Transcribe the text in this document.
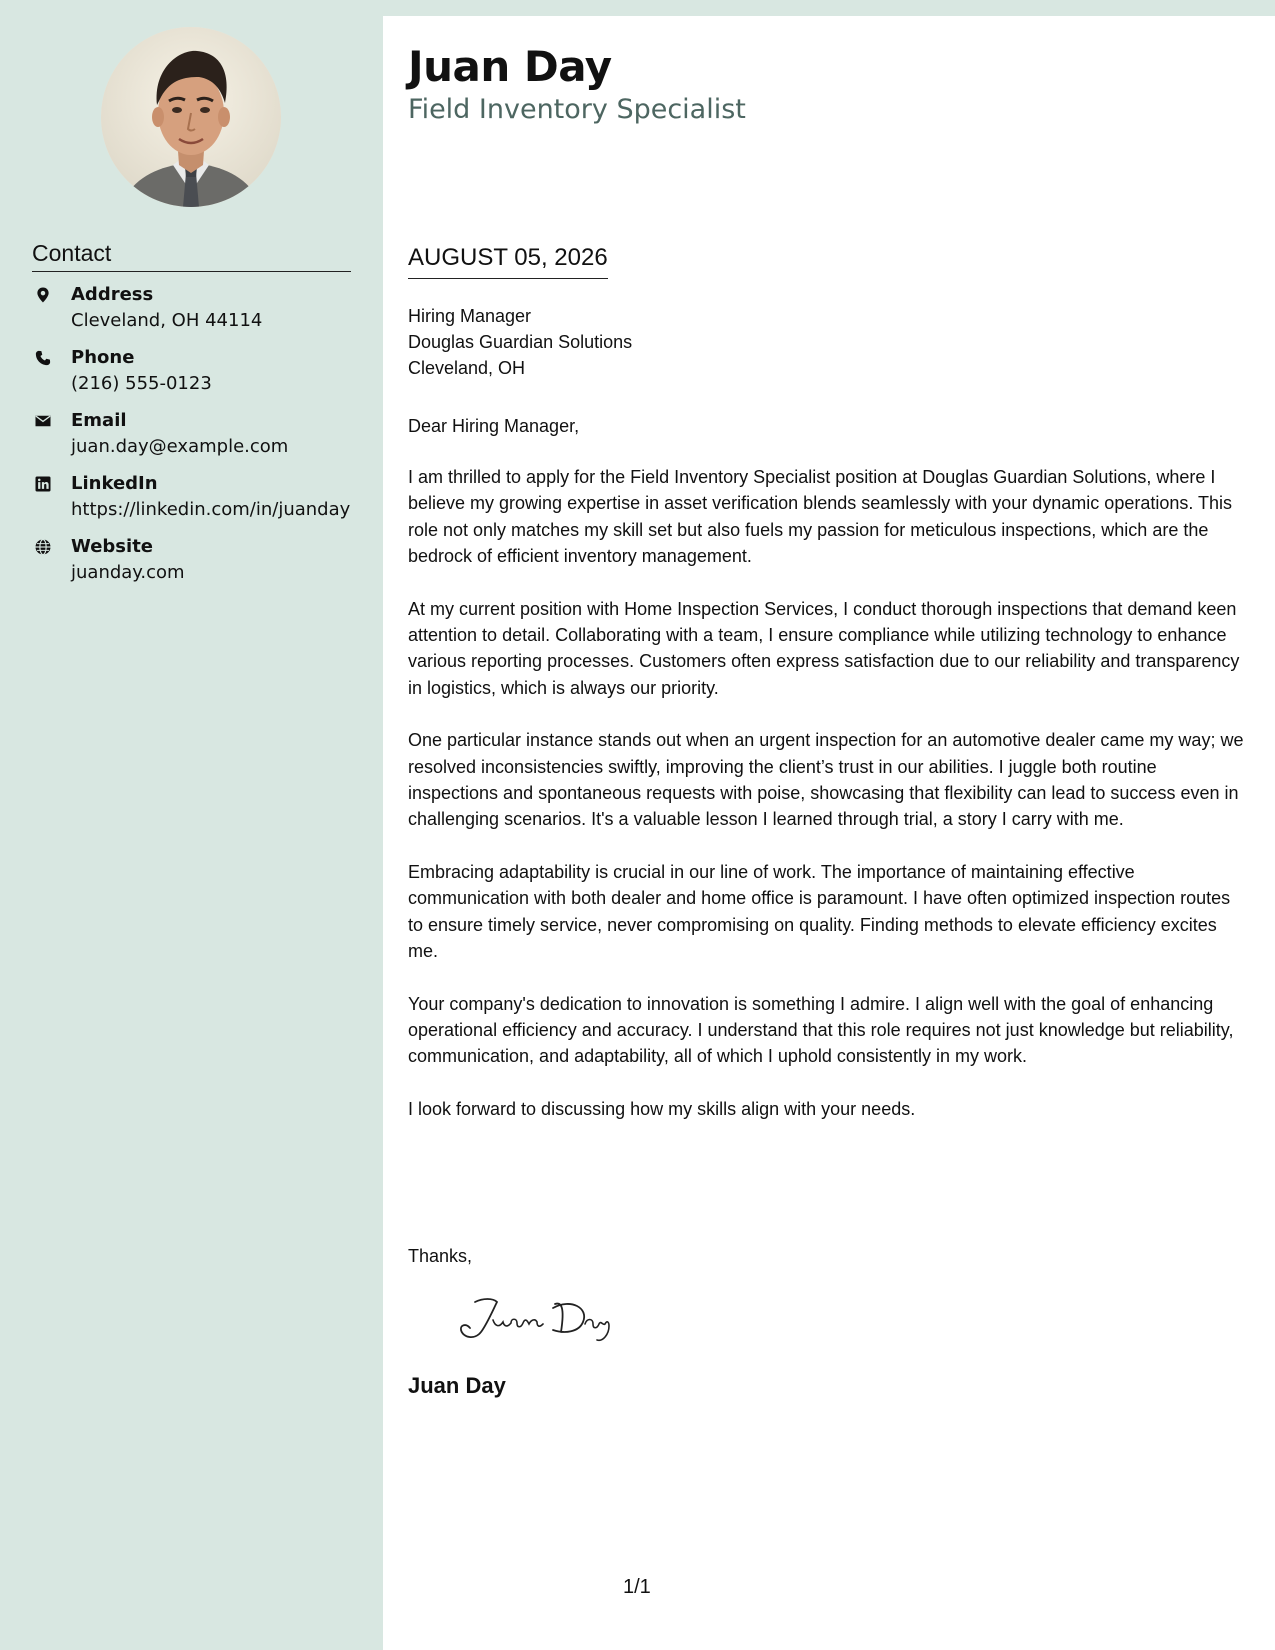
Contact
Address
Cleveland, OH 44114
Phone
(216) 555-0123
Email
juan.day@example.com
LinkedIn
https://linkedin.com/in/juanday
Website
juanday.com
Juan Day
Field Inventory Specialist
AUGUST 05, 2026
Hiring Manager
Douglas Guardian Solutions
Cleveland, OH
Dear Hiring Manager,

I am thrilled to apply for the Field Inventory Specialist position at Douglas Guardian Solutions, where I believe my growing expertise in asset verification blends seamlessly with your dynamic operations. This role not only matches my skill set but also fuels my passion for meticulous inspections, which are the bedrock of efficient inventory management.

At my current position with Home Inspection Services, I conduct thorough inspections that demand keen attention to detail. Collaborating with a team, I ensure compliance while utilizing technology to enhance various reporting processes. Customers often express satisfaction due to our reliability and transparency in logistics, which is always our priority.

One particular instance stands out when an urgent inspection for an automotive dealer came my way; we resolved inconsistencies swiftly, improving the client’s trust in our abilities. I juggle both routine inspections and spontaneous requests with poise, showcasing that flexibility can lead to success even in challenging scenarios. It's a valuable lesson I learned through trial, a story I carry with me.

Embracing adaptability is crucial in our line of work. The importance of maintaining effective communication with both dealer and home office is paramount. I have often optimized inspection routes to ensure timely service, never compromising on quality. Finding methods to elevate efficiency excites me.

Your company's dedication to innovation is something I admire. I align well with the goal of enhancing operational efficiency and accuracy. I understand that this role requires not just knowledge but reliability, communication, and adaptability, all of which I uphold consistently in my work.

I look forward to discussing how my skills align with your needs.

Thanks,
Juan Day
1/1
